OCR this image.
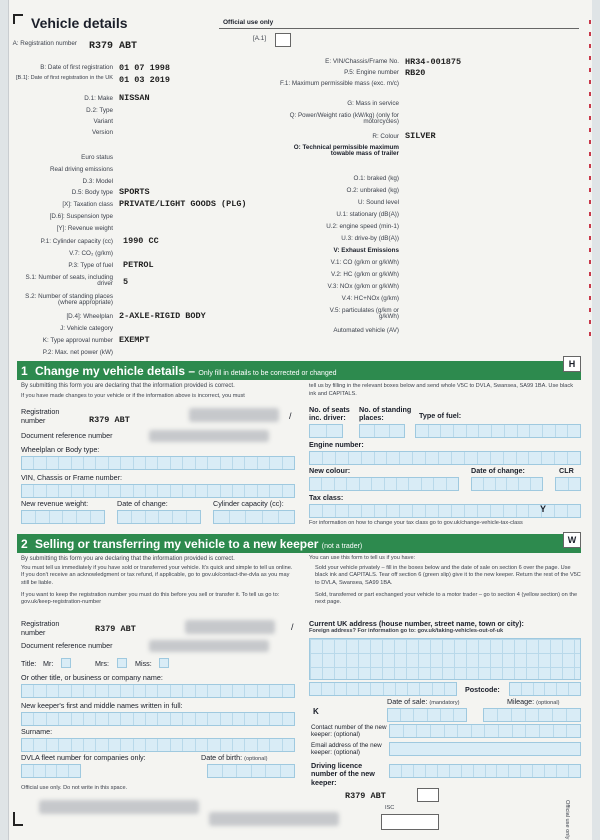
Vehicle details	Official use only
[A.1]
A: Registration number R379 ABT
B: Date of first registration 01 07 1998
[B.1]: Date of first registration in the UK 01 03 2019
D.1: Make NISSAN
D.2: Type
Variant
Version
Euro status
Real driving emissions
D.3: Model
D.5: Body type SPORTS
[X]: Taxation class PRIVATE/LIGHT GOODS (PLG)
[D.6]: Suspension type
[Y]: Revenue weight
P.1: Cylinder capacity (cc) 1990 CC
V.7: CO₂ (g/km)
P.3: Type of fuel PETROL
S.1: Number of seats, including driver 5
S.2: Number of standing places (where appropriate)
[D.4]: Wheelplan 2-AXLE-RIGID BODY
J: Vehicle category
K: Type approval number EXEMPT
P.2: Max. net power (kW)
E: VIN/Chassis/Frame No. HR34-001875
P.5: Engine number RB20
F.1: Maximum permissible mass (exc. m/c)
G: Mass in service
Q: Power/Weight ratio (kW/kg) (only for motorcycles)
R: Colour SILVER
O: Technical permissible maximum towable mass of trailer
O.1: braked (kg)
O.2: unbraked (kg)
U: Sound level
U.1: stationary (dB(A))
U.2: engine speed (min-1)
U.3: drive-by (dB(A))
V: Exhaust Emissions
V.1: CO (g/km or g/kWh)
V.2: HC (g/km or g/kWh)
V.3: NOx (g/km or g/kWh)
V.4: HC+NOx (g/km)
V.5: particulates (g/km or g/kWh)
Automated vehicle (AV)
1 Change my vehicle details – Only fill in details to be corrected or changed
H
By submitting this form you are declaring that the information provided is correct.
If you have made changes to your vehicle or if the information above is incorrect, you must
tell us by filling in the relevant boxes below and send whole V5C to DVLA, Swansea, SA99 1BA. Use black ink and CAPITALS.
Registration number	R379 ABT	/
Document reference number
Wheelplan or Body type:
VIN, Chassis or Frame number:
New revenue weight:	Date of change:	Cylinder capacity (cc):
No. of seats inc. driver:
No. of standing places:	Type of fuel:
Engine number:
New colour:	Date of change:	CLR
Tax class:
Y
For information on how to change your tax class go to gov.uk/change-vehicle-tax-class
2 Selling or transferring my vehicle to a new keeper (not a trader)
W
By submitting this form you are declaring that the information provided is correct.
You must tell us immediately if you have sold or transferred your vehicle. It's quick and simple to tell us online. If you don't receive an acknowledgment or tax refund, if applicable, go to gov.uk/contact-the-dvla as you may still be liable.
If you want to keep the registration number you must do this before you sell or transfer it. To tell us go to: gov.uk/keep-registration-number
You can use this form to tell us if you have:
Sold your vehicle privately – fill in the boxes below and the date of sale on section 6 over the page. Use black ink and CAPITALS. Tear off section 6 (green slip) give it to the new keeper. Return the rest of the V5C to DVLA, Swansea, SA99 1BA.
Sold, transferred or part exchanged your vehicle to a motor trader – go to section 4 (yellow section) on the next page.
Registration number	R379 ABT	/
Document reference number
Title: Mr:	Mrs:	Miss:
Or other title, or business or company name:
New keeper's first and middle names written in full:
Surname:
DVLA fleet number for companies only:	Date of birth: (optional)
Current UK address (house number, street name, town or city):
Foreign address? For information go to: gov.uk/taking-vehicles-out-of-uk
Postcode:
Date of sale: (mandatory)	Mileage: (optional)
K
Contact number of the new keeper: (optional)
Email address of the new keeper: (optional)
Driving licence number of the new keeper:
Official use only. Do not write in this space.
R379 ABT
ISC	Official use only
